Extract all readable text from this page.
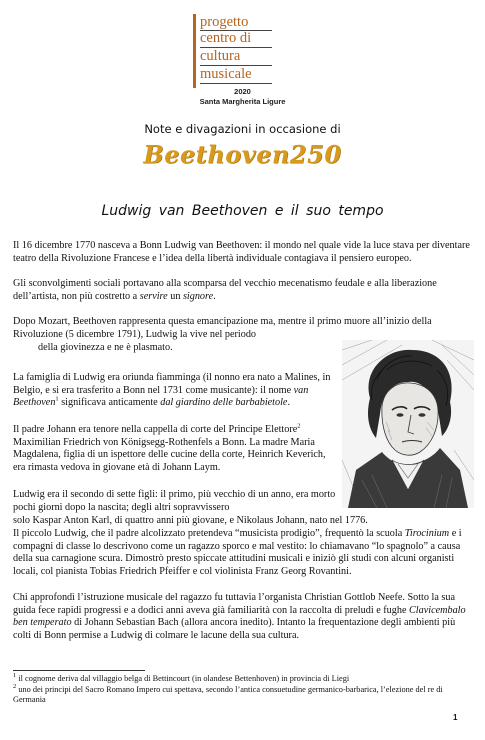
progetto
centro di
cultura
musicale
2020
Santa Margherita Ligure
Note e divagazioni in occasione di
Beethoven250
Ludwig van Beethoven e il suo tempo
Il 16 dicembre 1770 nasceva a Bonn Ludwig van Beethoven: il mondo nel quale vide la luce stava per diventare teatro della Rivoluzione Francese e l’idea della libertà individuale contagiava il pensiero europeo.
Gli sconvolgimenti sociali portavano alla scomparsa del vecchio mecenatismo feudale e alla liberazione dell’artista, non più costretto a servire un signore.
Dopo Mozart, Beethoven rappresenta questa emancipazione ma, mentre il primo muore all’inizio della Rivoluzione (5 dicembre 1791), Ludwig la vive nel periodo
della giovinezza e ne è plasmato.
La famiglia di Ludwig era oriunda fiamminga (il nonno era nato a Malines, in Belgio, e si era trasferito a Bonn nel 1731 come musicante): il nome van Beethoven$^1$ significava anticamente dal giardino delle barbabietole.
Il padre Johann era tenore nella cappella di corte del Principe Elettore$^2$ Maximilian Friedrich von Königsegg-Rothenfels a Bonn. La madre Maria Magdalena, figlia di un ispettore delle cucine della corte, Heinrich Keverich, era rimasta vedova in giovane età di Johann Laym.
Ludwig era il secondo di sette figli: il primo, più vecchio di un anno, era morto pochi giorni dopo la nascita; degli altri sopravvissero
solo Kaspar Anton Karl, di quattro anni più giovane, e Nikolaus Johann, nato nel 1776.
Il piccolo Ludwig, che il padre alcolizzato pretendeva “musicista prodigio”, frequentò la scuola Tirocinium e i compagni di classe lo descrivono come un ragazzo sporco e mal vestito: lo chiamavano “lo spagnolo” a causa della sua carnagione scura. Dimostrò presto spiccate attitudini musicali e iniziò gli studi con alcuni organisti locali, col pianista Tobias Friedrich Pfeiffer e col violinista Franz Georg Rovantini.
Chi approfondì l’istruzione musicale del ragazzo fu tuttavia l’organista Christian Gottlob Neefe. Sotto la sua guida fece rapidi progressi e a dodici anni aveva già familiarità con la raccolta di preludi e fughe Clavicembalo ben temperato di Johann Sebastian Bach (allora ancora inedito). Intanto la frequentazione degli ambienti più colti di Bonn permise a Ludwig di colmare le lacune della sua cultura.
$^1$ il cognome deriva dal villaggio belga di Bettincourt (in olandese Bettenhoven) in provincia di Liegi
$^2$ uno dei principi del Sacro Romano Impero cui spettava, secondo l’antica consuetudine germanico-barbarica, l’elezione del re di Germania
1
